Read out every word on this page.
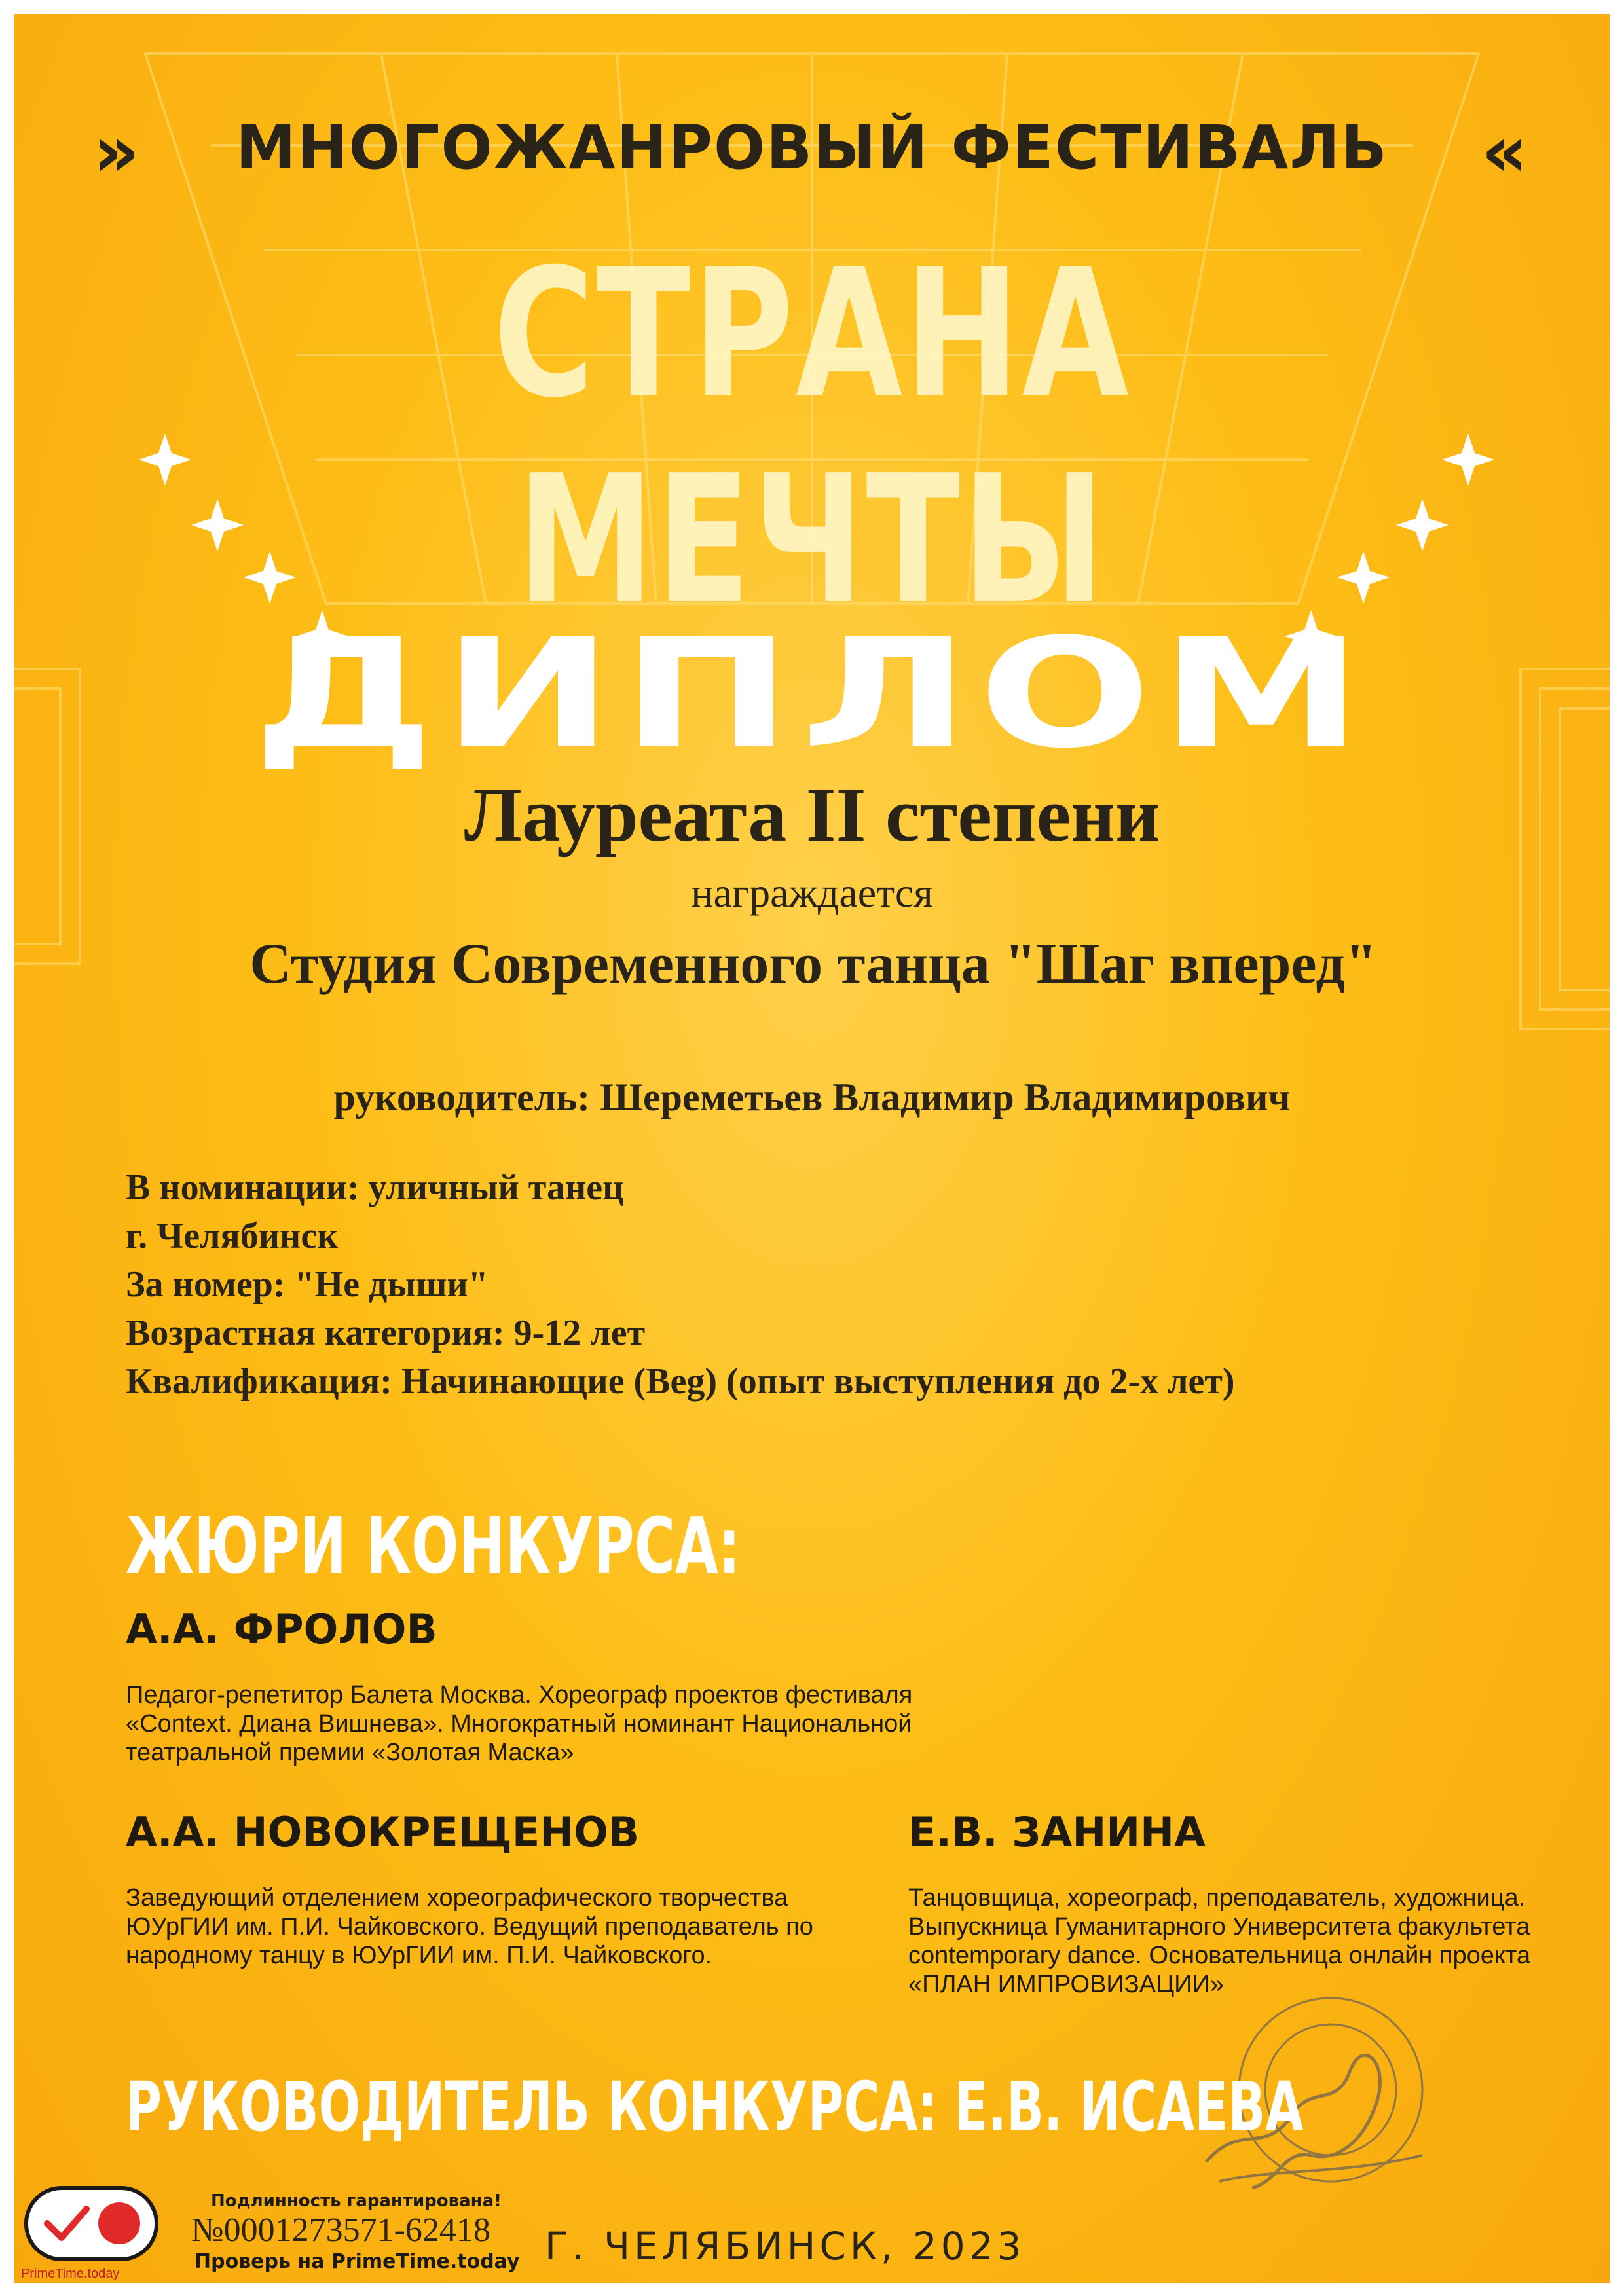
»	МНОГОЖАНРОВЫЙ ФЕСТИВАЛЬ	«
СТРАНА МЕЧТЫ
ДИПЛОМ
Лауреата II степени
награждается
Студия Современного танца "Шаг вперед"
руководитель: Шереметьев Владимир Владимирович
В номинации: уличный танец
г. Челябинск
За номер: "Не дыши"
Возрастная категория: 9-12 лет
Квалификация: Начинающие (Beg) (опыт выступления до 2-х лет)
ЖЮРИ КОНКУРСА:
А.А. ФРОЛОВ
Педагог-репетитор Балета Москва. Хореограф проектов фестиваля «Context. Диана Вишнева». Многократный номинант Национальной театральной премии «Золотая Маска»
А.А. НОВОКРЕЩЕНОВ
Заведующий отделением хореографического творчества ЮУрГИИ им. П.И. Чайковского. Ведущий преподаватель по народному танцу в ЮУрГИИ им. П.И. Чайковского.
Е.В. ЗАНИНА
Танцовщица, хореограф, преподаватель, художница. Выпускница Гуманитарного Университета факультета contemporary dance. Основательница онлайн проекта «ПЛАН ИМПРОВИЗАЦИИ»
РУКОВОДИТЕЛЬ КОНКУРСА: Е.В. ИСАЕВА
PrimeTime.today
Подлинность гарантирована!
№0001273571-62418
Проверь на PrimeTime.today Г. ЧЕЛЯБИНСК, 2023
